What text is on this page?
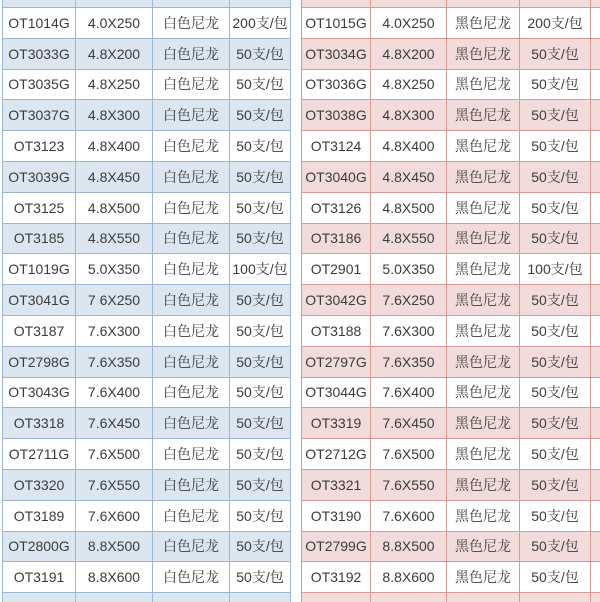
OT1014G	4.0X250	白色尼龙	200支/包
OT3033G	4.8X200	白色尼龙	50支/包
OT3035G	4.8X250	白色尼龙	50支/包
OT3037G	4.8X300	白色尼龙	50支/包
OT3123	4.8X400	白色尼龙	50支/包
OT3039G	4.8X450	白色尼龙	50支/包
OT3125	4.8X500	白色尼龙	50支/包
OT3185	4.8X550	白色尼龙	50支/包
OT1019G	5.0X350	白色尼龙	100支/包
OT3041G	7 6X250	白色尼龙	50支/包
OT3187	7.6X300	白色尼龙	50支/包
OT2798G	7.6X350	白色尼龙	50支/包
OT3043G	7.6X400	白色尼龙	50支/包
OT3318	7.6X450	白色尼龙	50支/包
OT2711G	7.6X500	白色尼龙	50支/包
OT3320	7.6X550	白色尼龙	50支/包
OT3189	7.6X600	白色尼龙	50支/包
OT2800G	8.8X500	白色尼龙	50支/包
OT3191	8.8X600	白色尼龙	50支/包

OT1015G	4.0X250	黑色尼龙	200支/包	
OT3034G	4.8X200	黑色尼龙	50支/包	
OT3036G	4.8X250	黑色尼龙	50支/包	
OT3038G	4.8X300	黑色尼龙	50支/包	
OT3124	4.8X400	黑色尼龙	50支/包	
OT3040G	4.8X450	黑色尼龙	50支/包	
OT3126	4.8X500	黑色尼龙	50支/包	
OT3186	4.8X550	黑色尼龙	50支/包	
OT2901	5.0X350	黑色尼龙	100支/包	
OT3042G	7.6X250	黑色尼龙	50支/包	
OT3188	7.6X300	黑色尼龙	50支/包	
OT2797G	7.6X350	黑色尼龙	50支/包	
OT3044G	7.6X400	黑色尼龙	50支/包	
OT3319	7.6X450	黑色尼龙	50支/包	
OT2712G	7.6X500	黑色尼龙	50支/包	
OT3321	7.6X550	黑色尼龙	50支/包	
OT3190	7.6X600	黑色尼龙	50支/包	
OT2799G	8.8X500	黑色尼龙	50支/包	
OT3192	8.8X600	黑色尼龙	50支/包	
